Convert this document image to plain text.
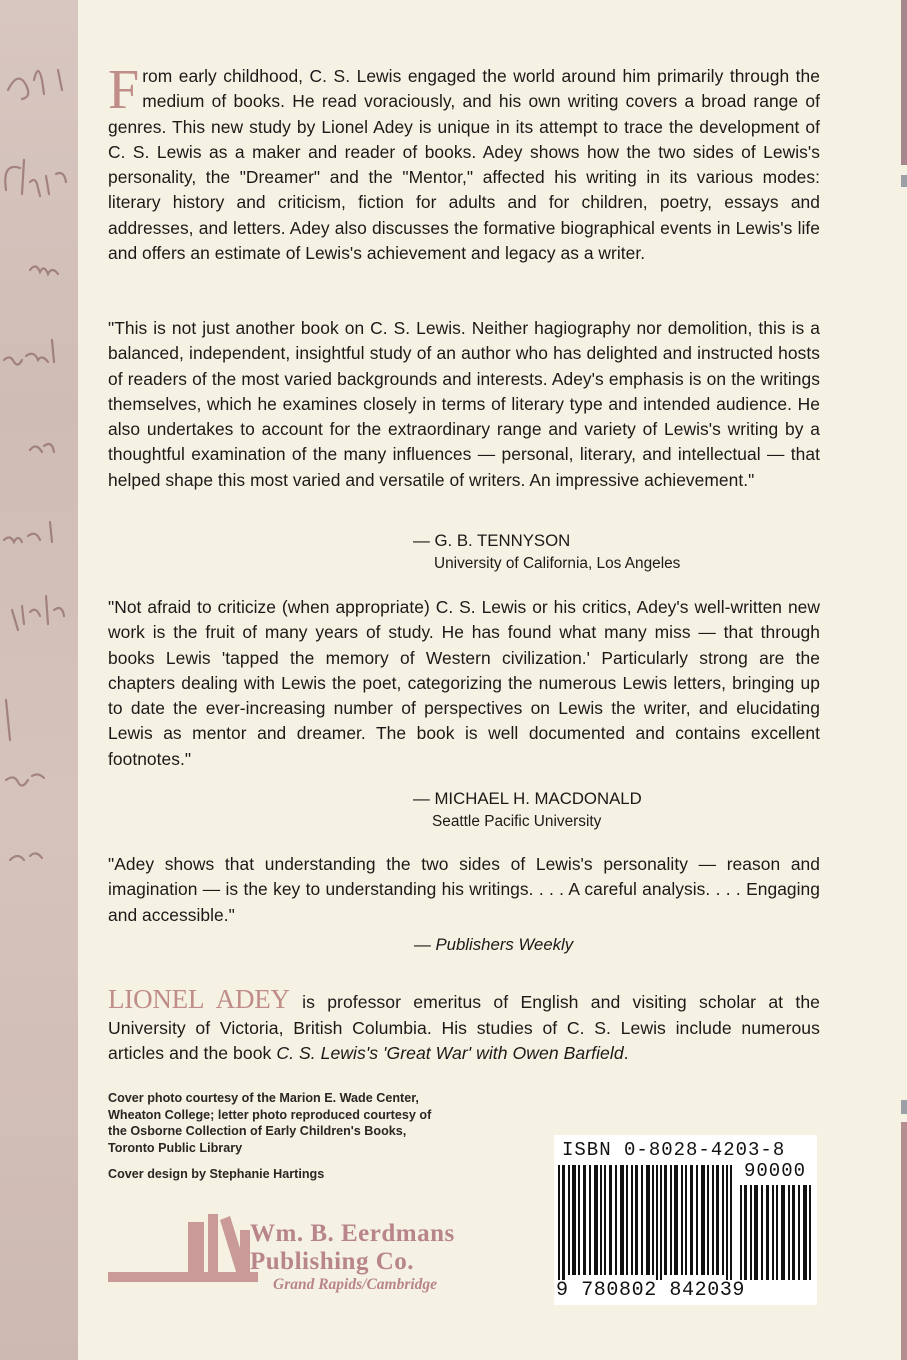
From early childhood, C. S. Lewis engaged the world around him primarily through the medium of books. He read voraciously, and his own writing covers a broad range of genres. This new study by Lionel Adey is unique in its attempt to trace the development of C. S. Lewis as a maker and reader of books. Adey shows how the two sides of Lewis's personality, the "Dreamer" and the "Mentor," affected his writing in its various modes: literary history and criticism, fiction for adults and for children, poetry, essays and addresses, and letters. Adey also discusses the formative biographical events in Lewis's life and offers an estimate of Lewis's achievement and legacy as a writer.
"This is not just another book on C. S. Lewis. Neither hagiography nor demolition, this is a balanced, independent, insightful study of an author who has delighted and instructed hosts of readers of the most varied backgrounds and interests. Adey's emphasis is on the writings themselves, which he examines closely in terms of literary type and intended audience. He also undertakes to account for the extraordinary range and variety of Lewis's writing by a thoughtful examination of the many influences — personal, literary, and intellectual — that helped shape this most varied and versatile of writers. An impressive achievement."
— G. B. TENNYSON
University of California, Los Angeles
"Not afraid to criticize (when appropriate) C. S. Lewis or his critics, Adey's well-written new work is the fruit of many years of study. He has found what many miss — that through books Lewis 'tapped the memory of Western civilization.' Particularly strong are the chapters dealing with Lewis the poet, categorizing the numerous Lewis letters, bringing up to date the ever-increasing number of perspectives on Lewis the writer, and elucidating Lewis as mentor and dreamer. The book is well documented and contains excellent footnotes."
— MICHAEL H. MACDONALD
Seattle Pacific University
"Adey shows that understanding the two sides of Lewis's personality — reason and imagination — is the key to understanding his writings. . . . A careful analysis. . . . Engaging and accessible."
— Publishers Weekly
LIONEL ADEY is professor emeritus of English and visiting scholar at the University of Victoria, British Columbia. His studies of C. S. Lewis include numerous articles and the book C. S. Lewis's 'Great War' with Owen Barfield.
Cover photo courtesy of the Marion E. Wade Center, Wheaton College; letter photo reproduced courtesy of the Osborne Collection of Early Children's Books, Toronto Public Library
Cover design by Stephanie Hartings
Wm. B. Eerdmans
Publishing Co.
Grand Rapids/Cambridge
ISBN 0-8028-4203-8
90000
9 780802 842039
